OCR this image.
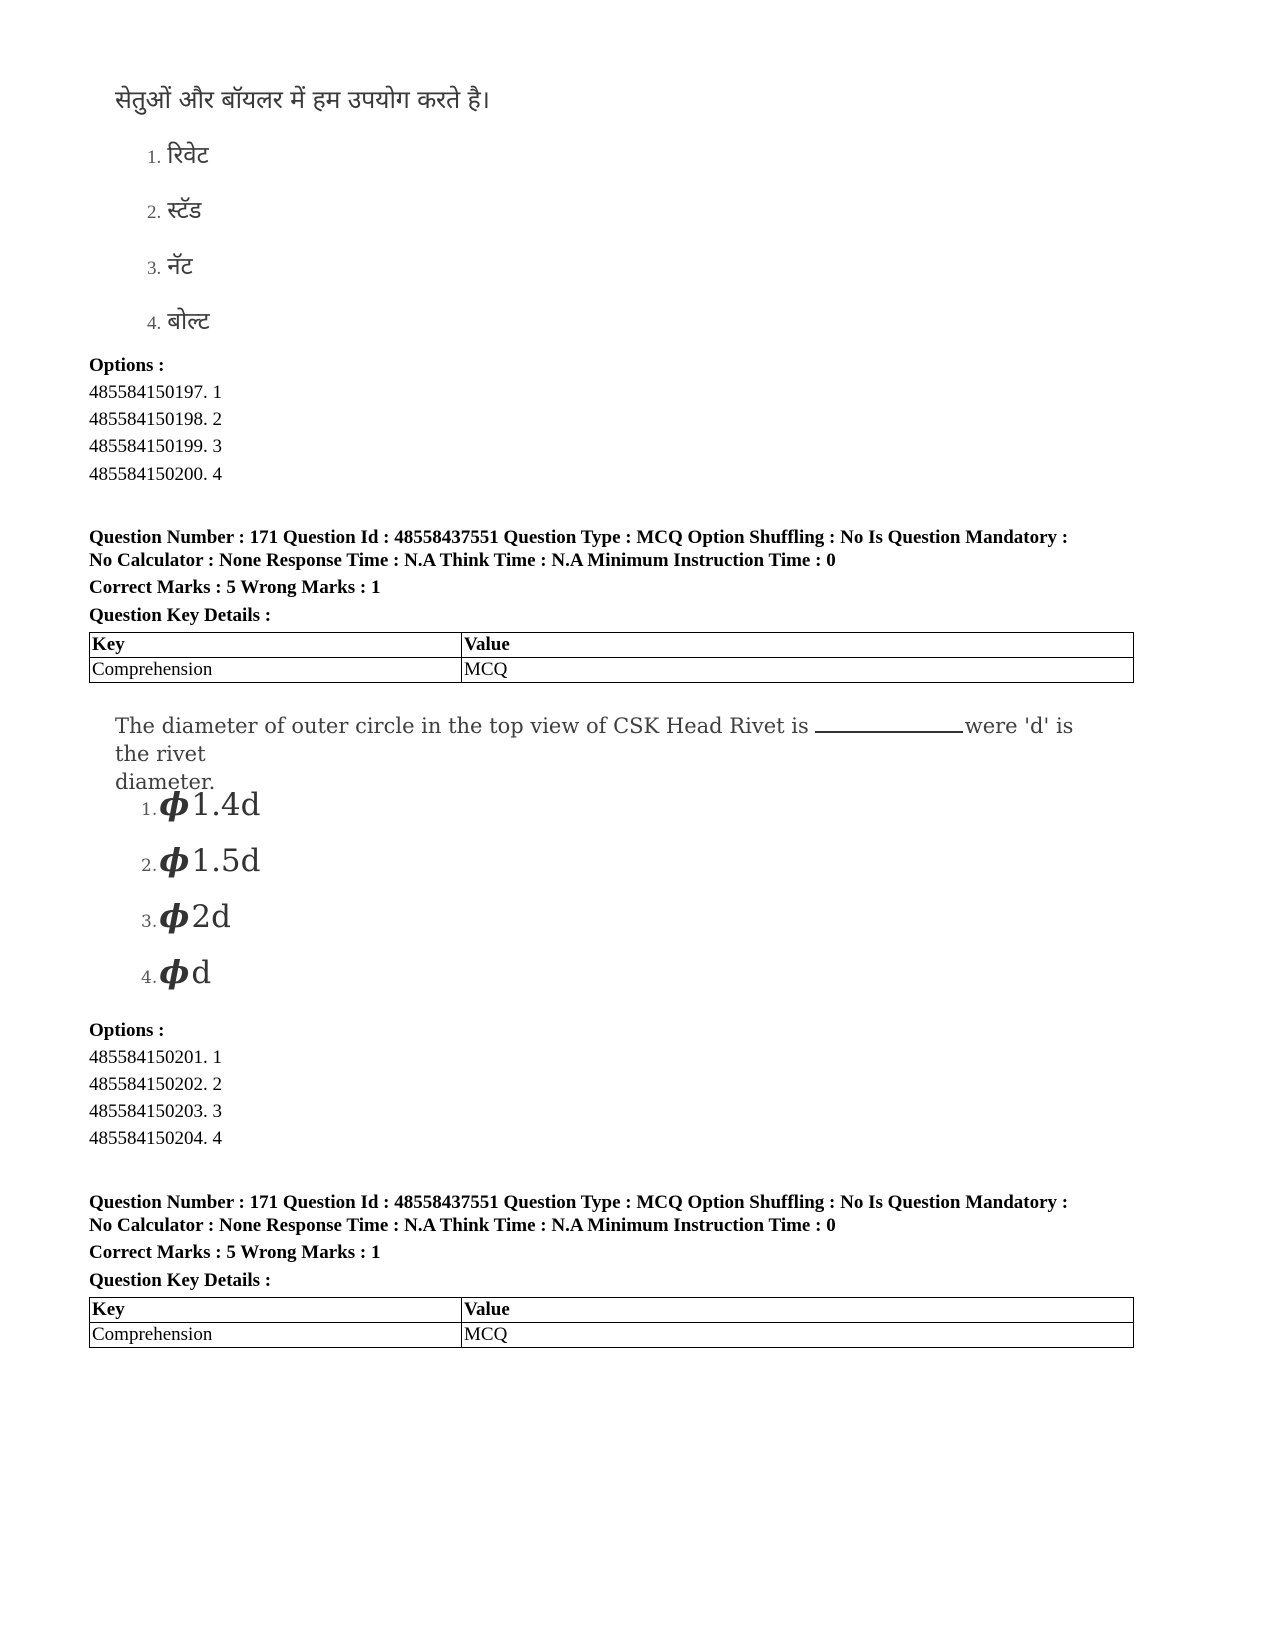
सेतुओं और बॉयलर में हम उपयोग करते है।
1. रिवेट
2. स्टॅड
3. नॅट
4. बोल्ट
Options :
485584150197. 1
485584150198. 2
485584150199. 3
485584150200. 4
Question Number : 171 Question Id : 48558437551 Question Type : MCQ Option Shuffling : No Is Question Mandatory :
No Calculator : None Response Time : N.A Think Time : N.A Minimum Instruction Time : 0
Correct Marks : 5 Wrong Marks : 1
Question Key Details :
Key	Value
Comprehension	MCQ
The diameter of outer circle in the top view of CSK Head Rivet is	were 'd' is the rivet
diameter.
1.ϕ1.4d
2.ϕ1.5d
3.ϕ2d
4.ϕd
Options :
485584150201. 1
485584150202. 2
485584150203. 3
485584150204. 4
Question Number : 171 Question Id : 48558437551 Question Type : MCQ Option Shuffling : No Is Question Mandatory :
No Calculator : None Response Time : N.A Think Time : N.A Minimum Instruction Time : 0
Correct Marks : 5 Wrong Marks : 1
Question Key Details :
Key	Value
Comprehension	MCQ
